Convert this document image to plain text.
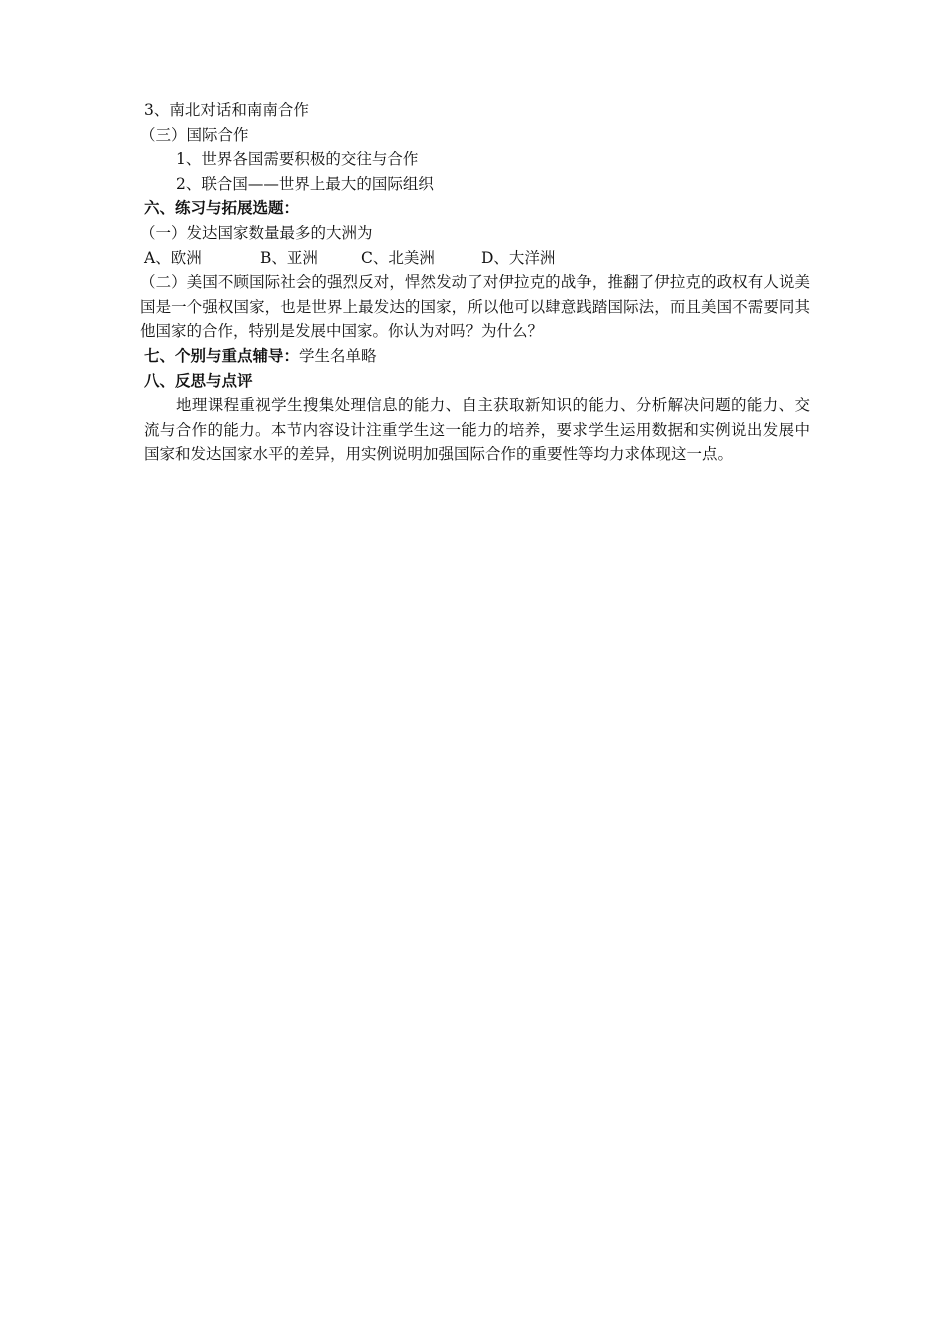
3、南北对话和南南合作
（三）国际合作
1、世界各国需要积极的交往与合作
2、联合国——世界上最大的国际组织
六、练习与拓展选题：
（一）发达国家数量最多的大洲为
A、欧洲	B、亚洲	C、北美洲	D、大洋洲
（二）美国不顾国际社会的强烈反对，悍然发动了对伊拉克的战争，推翻了伊拉克的政权有人说美国是一个强权国家，也是世界上最发达的国家，所以他可以肆意践踏国际法，而且美国不需要同其他国家的合作，特别是发展中国家。你认为对吗？为什么？
七、个别与重点辅导：学生名单略
八、反思与点评
地理课程重视学生搜集处理信息的能力、自主获取新知识的能力、分析解决问题的能力、交流与合作的能力。本节内容设计注重学生这一能力的培养，要求学生运用数据和实例说出发展中国家和发达国家水平的差异，用实例说明加强国际合作的重要性等均力求体现这一点。
